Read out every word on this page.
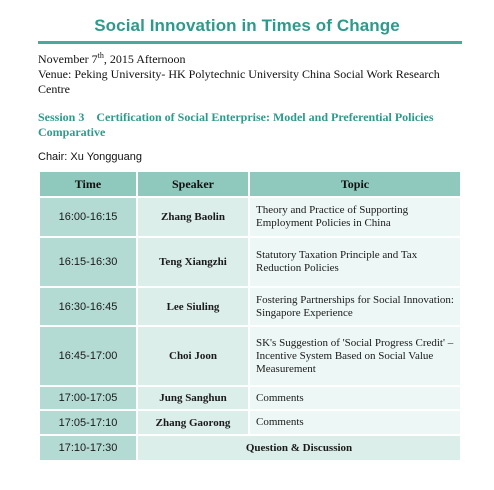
Social Innovation in Times of Change
November 7th, 2015 Afternoon
Venue: Peking University- HK Polytechnic University China Social Work Research Centre
Session 3 Certification of Social Enterprise: Model and Preferential Policies Comparative
Chair: Xu Yongguang
Time	Speaker	Topic
16:00-16:15	Zhang Baolin	Theory and Practice of Supporting Employment Policies in China
16:15-16:30	Teng Xiangzhi	Statutory Taxation Principle and Tax Reduction Policies
16:30-16:45	Lee Siuling	Fostering Partnerships for Social Innovation: Singapore Experience
16:45-17:00	Choi Joon	SK's Suggestion of 'Social Progress Credit' – Incentive System Based on Social Value Measurement
17:00-17:05	Jung Sanghun	Comments
17:05-17:10	Zhang Gaorong	Comments
17:10-17:30	Question & Discussion	
